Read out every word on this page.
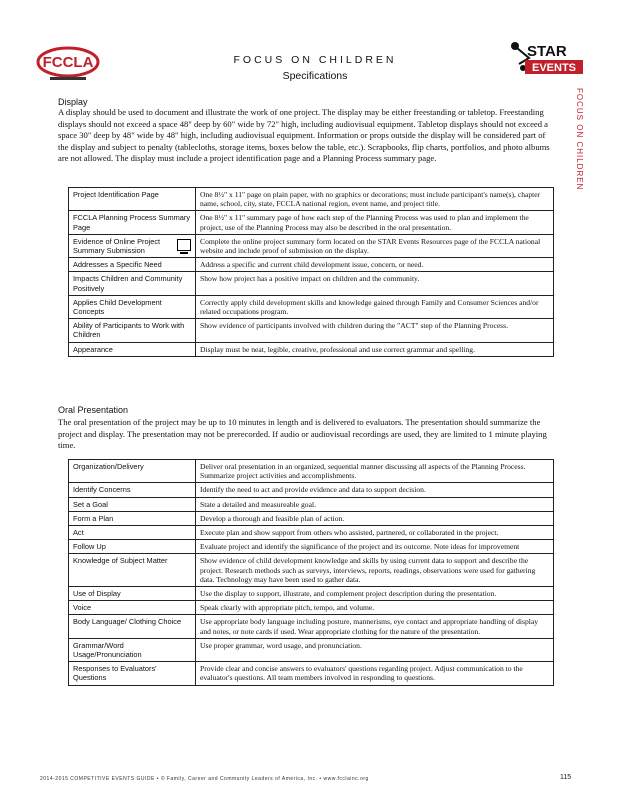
FCCLA	FOCUS ON CHILDREN
Specifications
STAR
EVENTS
FOCUS ON CHILDREN
Display
A display should be used to document and illustrate the work of one project. The display may be either freestanding or tabletop. Freestanding displays should not exceed a space 48" deep by 60" wide by 72" high, including audiovisual equipment. Tabletop displays should not exceed a space 30" deep by 48" wide by 48" high, including audiovisual equipment. Information or props outside the display will be considered part of the display and subject to penalty (tablecloths, storage items, boxes below the table, etc.). Scrapbooks, flip charts, portfolios, and photo albums are not allowed. The display must include a project identification page and a Planning Process summary page.
Project Identification Page	One 8½" x 11" page on plain paper, with no graphics or decorations; must include participant's name(s), chapter name, school, city, state, FCCLA national region, event name, and project title.
FCCLA Planning Process Summary Page	One 8½" x 11" summary page of how each step of the Planning Process was used to plan and implement the project, use of the Planning Process may also be described in the oral presentation.

Evidence of Online Project Summary Submission	Complete the online project summary form located on the STAR Events Resources page of the FCCLA national website and include proof of submission on the display.
Addresses a Specific Need	Address a specific and current child development issue, concern, or need.
Impacts Children and Community Positively	Show how project has a positive impact on children and the community.
Applies Child Development Concepts	Correctly apply child development skills and knowledge gained through Family and Consumer Sciences and/or related occupations program.
Ability of Participants to Work with Children	Show evidence of participants involved with children during the "ACT" step of the Planning Process.
Appearance	Display must be neat, legible, creative, professional and use correct grammar and spelling.
Oral Presentation
The oral presentation of the project may be up to 10 minutes in length and is delivered to evaluators. The presentation should summarize the project and display. The presentation may not be prerecorded. If audio or audiovisual recordings are used, they are limited to 1 minute playing time.
Organization/Delivery	Deliver oral presentation in an organized, sequential manner discussing all aspects of the Planning Process. Summarize project activities and accomplishments.
Identify Concerns	Identify the need to act and provide evidence and data to support decision.
Set a Goal	State a detailed and measureable goal.
Form a Plan	Develop a thorough and feasible plan of action.
Act	Execute plan and show support from others who assisted, partnered, or collaborated in the project.
Follow Up	Evaluate project and identify the significance of the project and its outcome. Note ideas for improvement
Knowledge of Subject Matter	Show evidence of child development knowledge and skills by using current data to support and describe the project. Research methods such as surveys, interviews, reports, readings, observations were used for gathering data. Technology may have been used to gather data.
Use of Display	Use the display to support, illustrate, and complement project description during the presentation.
Voice	Speak clearly with appropriate pitch, tempo, and volume.
Body Language/ Clothing Choice	Use appropriate body language including posture, mannerisms, eye contact and appropriate handling of display and notes, or note cards if used. Wear appropriate clothing for the nature of the presentation.
Grammar/Word Usage/Pronunciation	Use proper grammar, word usage, and pronunciation.
Responses to Evaluators' Questions	Provide clear and concise answers to evaluators' questions regarding project. Adjust communication to the evaluator's questions. All team members involved in responding to questions.
2014-2015 COMPETITIVE EVENTS GUIDE • © Family, Career and Community Leaders of America, Inc. • www.fcclainc.org	115
